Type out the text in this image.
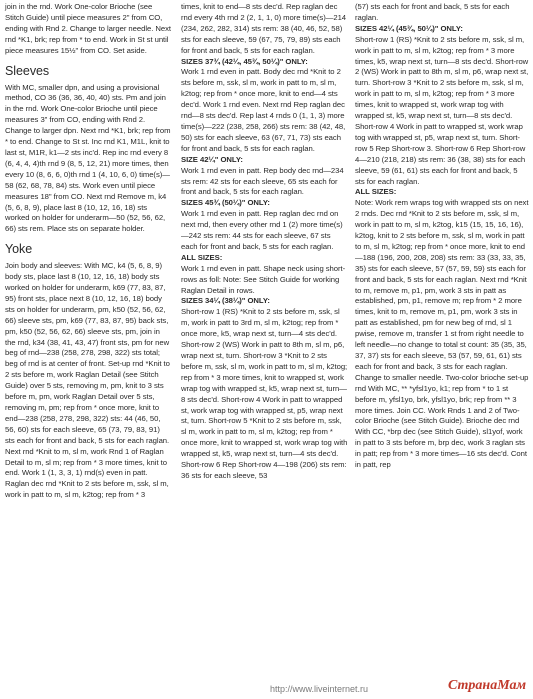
join in the rnd. Work One-color Brioche (see Stitch Guide) until piece measures 2" from CO, ending with Rnd 2. Change to larger needle. Next rnd *K1, brk; rep from * to end. Work in St st until piece measures 15½" from CO. Set aside.

Sleeves

With MC, smaller dpn, and using a provisional method, CO 36 (36, 36, 40, 40) sts. Pm and join in the rnd. Work One-color Brioche until piece measures 3" from CO, ending with Rnd 2. Change to larger dpn. Next rnd *K1, brk; rep from * to end. Change to St st. Inc rnd K1, M1L, knit to last st, M1R, k1—2 sts inc'd. Rep inc rnd every 8 (6, 4, 4, 4)th rnd 9 (8, 5, 12, 21) more times, then every 10 (8, 6, 6, 0)th rnd 1 (4, 10, 6, 0) time(s)—58 (62, 68, 78, 84) sts. Work even until piece measures 18" from CO. Next rnd Remove m, k4 (5, 6, 8, 9), place last 8 (10, 12, 16, 18) sts worked on holder for underarm—50 (52, 56, 62, 66) sts rem. Place sts on separate holder.

Yoke

Join body and sleeves: With MC, k4 (5, 6, 8, 9) body sts, place last 8 (10, 12, 16, 18) body sts worked on holder for underarm, k69 (77, 83, 87, 95) front sts, place next 8 (10, 12, 16, 18) body sts on holder for underarm, pm, k50 (52, 56, 62, 66) sleeve sts, pm, k69 (77, 83, 87, 95) back sts, pm, k50 (52, 56, 62, 66) sleeve sts, pm, join in the rnd, k34 (38, 41, 43, 47) front sts, pm for new beg of rnd—238 (258, 278, 298, 322) sts total; beg of rnd is at center of front. Set-up rnd *Knit to 2 sts before m, work Raglan Detail (see Stitch Guide) over 5 sts, removing m, pm, knit to 3 sts before m, pm, work Raglan Detail over 5 sts, removing m, pm; rep from * once more, knit to end—238 (258, 278, 298, 322) sts: 44 (46, 50, 56, 60) sts for each sleeve, 65 (73, 79, 83, 91) sts each for front and back, 5 sts for each raglan. Next rnd *Knit to m, sl m, work Rnd 1 of Raglan Detail to m, sl m; rep from * 3 more times, knit to end. Work 1 (1, 3, 3, 1) rnd(s) even in patt. Raglan dec rnd *Knit to 2 sts before m, ssk, sl m, work in patt to m, sl m, k2tog; rep from * 3

times, knit to end—8 sts dec'd. Rep raglan dec rnd every 4th rnd 2 (2, 1, 1, 0) more time(s)—214 (234, 262, 282, 314) sts rem: 38 (40, 46, 52, 58) sts for each sleeve, 59 (67, 75, 79, 89) sts each for front and back, 5 sts for each raglan.

SIZES 37¾ (42¼, 45¾, 50¼)" ONLY:

Work 1 rnd even in patt. Body dec rnd *Knit to 2 sts before m, ssk, sl m, work in patt to m, sl m, k2tog; rep from * once more, knit to end—4 sts dec'd. Work 1 rnd even. Next rnd Rep raglan dec rnd—8 sts dec'd. Rep last 4 rnds 0 (1, 1, 3) more time(s)—222 (238, 258, 266) sts rem: 38 (42, 48, 50) sts for each sleeve, 63 (67, 71, 73) sts each for front and back, 5 sts for each raglan.

SIZE 42¼" ONLY:

Work 1 rnd even in patt. Rep body dec rnd—234 sts rem: 42 sts for each sleeve, 65 sts each for front and back, 5 sts for each raglan.

SIZES 45¾ (50¼)" ONLY:

Work 1 rnd even in patt. Rep raglan dec rnd on next rnd, then every other rnd 1 (2) more time(s)—242 sts rem: 44 sts for each sleeve, 67 sts each for front and back, 5 sts for each raglan.

ALL SIZES:

Work 1 rnd even in patt. Shape neck using short-rows as foll: Note: See Stitch Guide for working Raglan Detail in rows.

SIZES 34¼ (38¼)" ONLY:

Short-row 1 (RS) *Knit to 2 sts before m, ssk, sl m, work in patt to 3rd m, sl m, k2tog; rep from * once more, k5, wrap next st, turn—4 sts dec'd. Short-row 2 (WS) Work in patt to 8th m, sl m, p6, wrap next st, turn. Short-row 3 *Knit to 2 sts before m, ssk, sl m, work in patt to m, sl m, k2tog; rep from * 3 more times, knit to wrapped st, work wrap tog with wrapped st, k5, wrap next st, turn—8 sts dec'd. Short-row 4 Work in patt to wrapped st, work wrap tog with wrapped st, p5, wrap next st, turn. Short-row 5 *Knit to 2 sts before m, ssk, sl m, work in patt to m, sl m, k2tog; rep from * once more, knit to wrapped st, work wrap tog with wrapped st, k5, wrap next st, turn—4 sts dec'd. Short-row 6 Rep Short-row 4—198 (206) sts rem: 36 sts for each sleeve, 53

(57) sts each for front and back, 5 sts for each raglan.

SIZES 42¼ (45¾, 50¼)" ONLY:

Short-row 1 (RS) *Knit to 2 sts before m, ssk, sl m, work in patt to m, sl m, k2tog; rep from * 3 more times, k5, wrap next st, turn—8 sts dec'd. Short-row 2 (WS) Work in patt to 8th m, sl m, p6, wrap next st, turn. Short-row 3 *Knit to 2 sts before m, ssk, sl m, work in patt to m, sl m, k2tog; rep from * 3 more times, knit to wrapped st, work wrap tog with wrapped st, k5, wrap next st, turn—8 sts dec'd. Short-row 4 Work in patt to wrapped st, work wrap tog with wrapped st, p5, wrap next st, turn. Short-row 5 Rep Short-row 3. Short-row 6 Rep Short-row 4—210 (218, 218) sts rem: 36 (38, 38) sts for each sleeve, 59 (61, 61) sts each for front and back, 5 sts for each raglan.

ALL SIZES:

Note: Work rem wraps tog with wrapped sts on next 2 rnds. Dec rnd *Knit to 2 sts before m, ssk, sl m, work in patt to m, sl m, k2tog, k15 (15, 15, 16, 16), k2tog, knit to 2 sts before m, ssk, sl m, work in patt to m, sl m, k2tog; rep from * once more, knit to end—188 (196, 200, 208, 208) sts rem: 33 (33, 33, 35, 35) sts for each sleeve, 57 (57, 59, 59) sts each for front and back, 5 sts for each raglan. Next rnd *Knit to m, remove m, p1, pm, work 3 sts in patt as established, pm, p1, remove m; rep from * 2 more times, knit to m, remove m, p1, pm, work 3 sts in patt as established, pm for new beg of rnd, sl 1 pwise, remove m, transfer 1 st from right needle to left needle—no change to total st count: 35 (35, 35, 37, 37) sts for each sleeve, 53 (57, 59, 61, 61) sts each for front and back, 3 sts for each raglan. Change to smaller needle. Two-color brioche set-up rnd With MC, ** *yfsl1yo, k1; rep from * to 1 st before m, yfsl1yo, brk, yfsl1yo, brk; rep from ** 3 more times. Join CC. Work Rnds 1 and 2 of Two-color Brioche (see Stitch Guide). Brioche dec rnd With CC, *brp dec (see Stitch Guide), sl1yof, work in patt to 3 sts before m, brp dec, work 3 raglan sts in patt; rep from * 3 more times—16 sts dec'd. Cont in patt, rep

http://www.liveinternet.ru	СтранаМам
